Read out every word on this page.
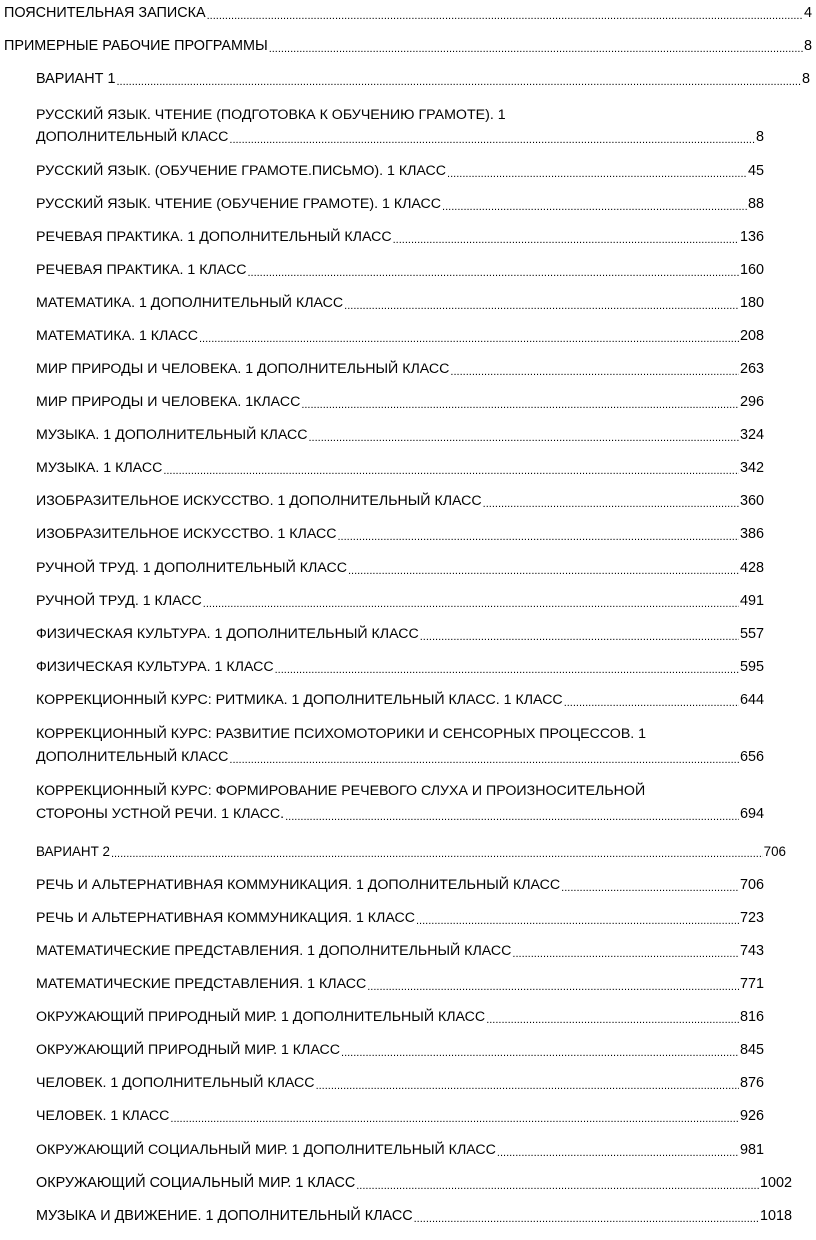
ПОЯСНИТЕЛЬНАЯ ЗАПИСКА .....	4
ПРИМЕРНЫЕ РАБОЧИЕ ПРОГРАММЫ .....	8
ВАРИАНТ 1 .....	8
РУССКИЙ ЯЗЫК. ЧТЕНИЕ (ПОДГОТОВКА К ОБУЧЕНИЮ ГРАМОТЕ). 1
ДОПОЛНИТЕЛЬНЫЙ КЛАСС .....	8
РУССКИЙ ЯЗЫК. (ОБУЧЕНИЕ ГРАМОТЕ.ПИСЬМО). 1 КЛАСС .....	45
РУССКИЙ ЯЗЫК. ЧТЕНИЕ (ОБУЧЕНИЕ ГРАМОТЕ). 1 КЛАСС .....	88
РЕЧЕВАЯ ПРАКТИКА. 1 ДОПОЛНИТЕЛЬНЫЙ КЛАСС .....	136
РЕЧЕВАЯ ПРАКТИКА. 1 КЛАСС .....	160
МАТЕМАТИКА. 1 ДОПОЛНИТЕЛЬНЫЙ КЛАСС .....	180
МАТЕМАТИКА. 1 КЛАСС .....	208
МИР ПРИРОДЫ И ЧЕЛОВЕКА. 1 ДОПОЛНИТЕЛЬНЫЙ КЛАСС .....	263
МИР ПРИРОДЫ И ЧЕЛОВЕКА. 1КЛАСС .....	296
МУЗЫКА. 1 ДОПОЛНИТЕЛЬНЫЙ КЛАСС .....	324
МУЗЫКА. 1 КЛАСС .....	342
ИЗОБРАЗИТЕЛЬНОЕ ИСКУССТВО. 1 ДОПОЛНИТЕЛЬНЫЙ КЛАСС .....	360
ИЗОБРАЗИТЕЛЬНОЕ ИСКУССТВО. 1 КЛАСС .....	386
РУЧНОЙ ТРУД. 1 ДОПОЛНИТЕЛЬНЫЙ КЛАСС .....	428
РУЧНОЙ ТРУД. 1 КЛАСС .....	491
ФИЗИЧЕСКАЯ КУЛЬТУРА. 1 ДОПОЛНИТЕЛЬНЫЙ КЛАСС .....	557
ФИЗИЧЕСКАЯ КУЛЬТУРА. 1 КЛАСС .....	595
КОРРЕКЦИОННЫЙ КУРС: РИТМИКА. 1 ДОПОЛНИТЕЛЬНЫЙ КЛАСС. 1 КЛАСС .....	644
КОРРЕКЦИОННЫЙ КУРС: РАЗВИТИЕ ПСИХОМОТОРИКИ И СЕНСОРНЫХ ПРОЦЕССОВ. 1
ДОПОЛНИТЕЛЬНЫЙ КЛАСС .....	656
КОРРЕКЦИОННЫЙ КУРС: ФОРМИРОВАНИЕ РЕЧЕВОГО СЛУХА И ПРОИЗНОСИТЕЛЬНОЙ
СТОРОНЫ УСТНОЙ РЕЧИ. 1 КЛАСС. .....	694
ВАРИАНТ 2 .....	706
РЕЧЬ И АЛЬТЕРНАТИВНАЯ КОММУНИКАЦИЯ. 1 ДОПОЛНИТЕЛЬНЫЙ КЛАСС .....	706
РЕЧЬ И АЛЬТЕРНАТИВНАЯ КОММУНИКАЦИЯ. 1 КЛАСС .....	723
МАТЕМАТИЧЕСКИЕ ПРЕДСТАВЛЕНИЯ. 1 ДОПОЛНИТЕЛЬНЫЙ КЛАСС .....	743
МАТЕМАТИЧЕСКИЕ ПРЕДСТАВЛЕНИЯ. 1 КЛАСС .....	771
ОКРУЖАЮЩИЙ ПРИРОДНЫЙ МИР. 1 ДОПОЛНИТЕЛЬНЫЙ КЛАСС .....	816
ОКРУЖАЮЩИЙ ПРИРОДНЫЙ МИР. 1 КЛАСС .....	845
ЧЕЛОВЕК. 1 ДОПОЛНИТЕЛЬНЫЙ КЛАСС .....	876
ЧЕЛОВЕК. 1 КЛАСС .....	926
ОКРУЖАЮЩИЙ СОЦИАЛЬНЫЙ МИР. 1 ДОПОЛНИТЕЛЬНЫЙ КЛАСС .....	981
ОКРУЖАЮЩИЙ СОЦИАЛЬНЫЙ МИР. 1 КЛАСС .....	1002
МУЗЫКА И ДВИЖЕНИЕ. 1 ДОПОЛНИТЕЛЬНЫЙ КЛАСС .....	1018
